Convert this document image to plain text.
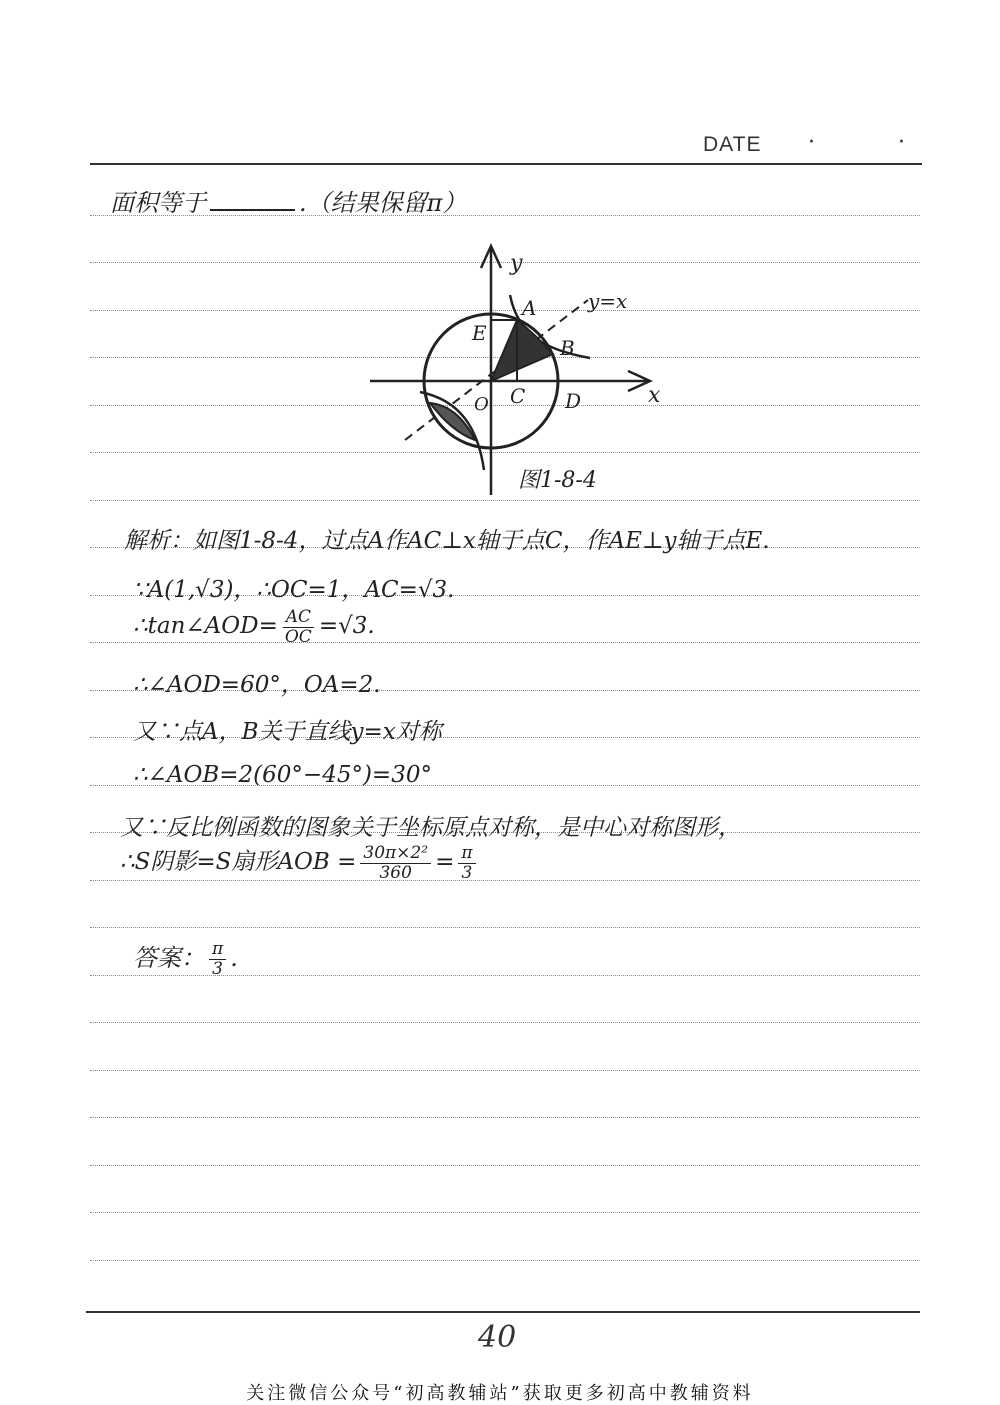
DATE · ·
面积等于	.（结果保留π）
y
x
y=x
A
B
C D
E
O
图1-8-4
解析：如图1-8-4，过点A作AC⊥x轴于点C，作AE⊥y轴于点E.
∵A(1,√3)，∴OC=1，AC=√3.
∴tan∠AOD= $\frac{AC}{OC} =√3$.
∴∠AOD=60°，OA=2.
又∵点A，B关于直线y=x对称
∴∠AOB=2(60°−45°)=30°
又∵反比例函数的图象关于坐标原点对称，是中心对称图形，
∴S阴影=S扇形AOB = $\frac{\text{30π×2²}}{360} = \frac{\pi}{3}$
答案： $\frac{\pi}{3}$ .
40
关注微信公众号“初高教辅站”获取更多初高中教辅资料
